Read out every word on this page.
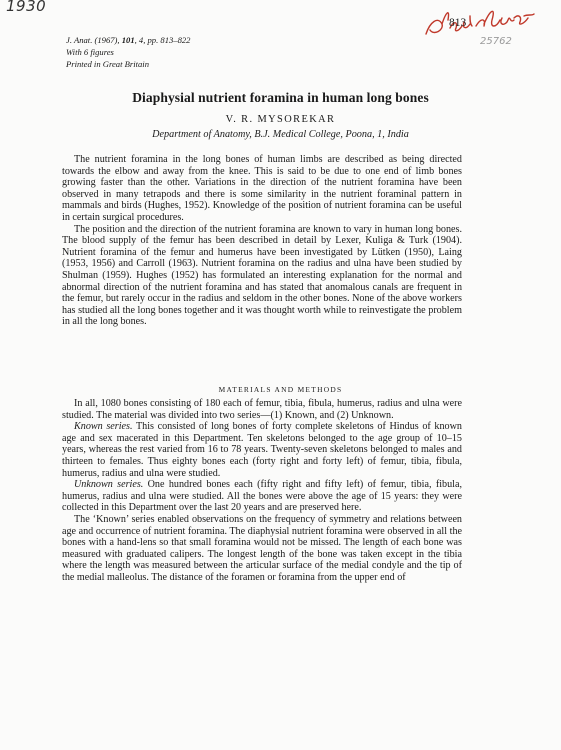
1930
J. Anat. (1967), 101, 4, pp. 813–822
With 6 figures
Printed in Great Britain
813
25762
Diaphysial nutrient foramina in human long bones
V. R. MYSOREKAR
Department of Anatomy, B.J. Medical College, Poona, 1, India

The nutrient foramina in the long bones of human limbs are described as being directed towards the elbow and away from the knee. This is said to be due to one end of limb bones growing faster than the other. Variations in the direction of the nutrient foramina have been observed in many tetrapods and there is some similarity in the nutrient foraminal pattern in mammals and birds (Hughes, 1952). Knowledge of the position of nutrient foramina can be useful in certain surgical procedures.

The position and the direction of the nutrient foramina are known to vary in human long bones. The blood supply of the femur has been described in detail by Lexer, Kuliga & Turk (1904). Nutrient foramina of the femur and humerus have been investigated by Lütken (1950), Laing (1953, 1956) and Carroll (1963). Nutrient foramina on the radius and ulna have been studied by Shulman (1959). Hughes (1952) has formulated an interesting explanation for the normal and abnormal direction of the nutrient foramina and has stated that anomalous canals are frequent in the femur, but rarely occur in the radius and seldom in the other bones. None of the above workers has studied all the long bones together and it was thought worth while to reinvestigate the problem in all the long bones.

MATERIALS AND METHODS

In all, 1080 bones consisting of 180 each of femur, tibia, fibula, humerus, radius and ulna were studied. The material was divided into two series—(1) Known, and (2) Unknown.

Known series. This consisted of long bones of forty complete skeletons of Hindus of known age and sex macerated in this Department. Ten skeletons belonged to the age group of 10–15 years, whereas the rest varied from 16 to 78 years. Twenty-seven skeletons belonged to males and thirteen to females. Thus eighty bones each (forty right and forty left) of femur, tibia, fibula, humerus, radius and ulna were studied.

Unknown series. One hundred bones each (fifty right and fifty left) of femur, tibia, fibula, humerus, radius and ulna were studied. All the bones were above the age of 15 years: they were collected in this Department over the last 20 years and are preserved here.

The ‘Known’ series enabled observations on the frequency of symmetry and relations between age and occurrence of nutrient foramina. The diaphysial nutrient foramina were observed in all the bones with a hand-lens so that small foramina would not be missed. The length of each bone was measured with graduated calipers. The longest length of the bone was taken except in the tibia where the length was measured between the articular surface of the medial condyle and the tip of the medial malleolus. The distance of the foramen or foramina from the upper end of
